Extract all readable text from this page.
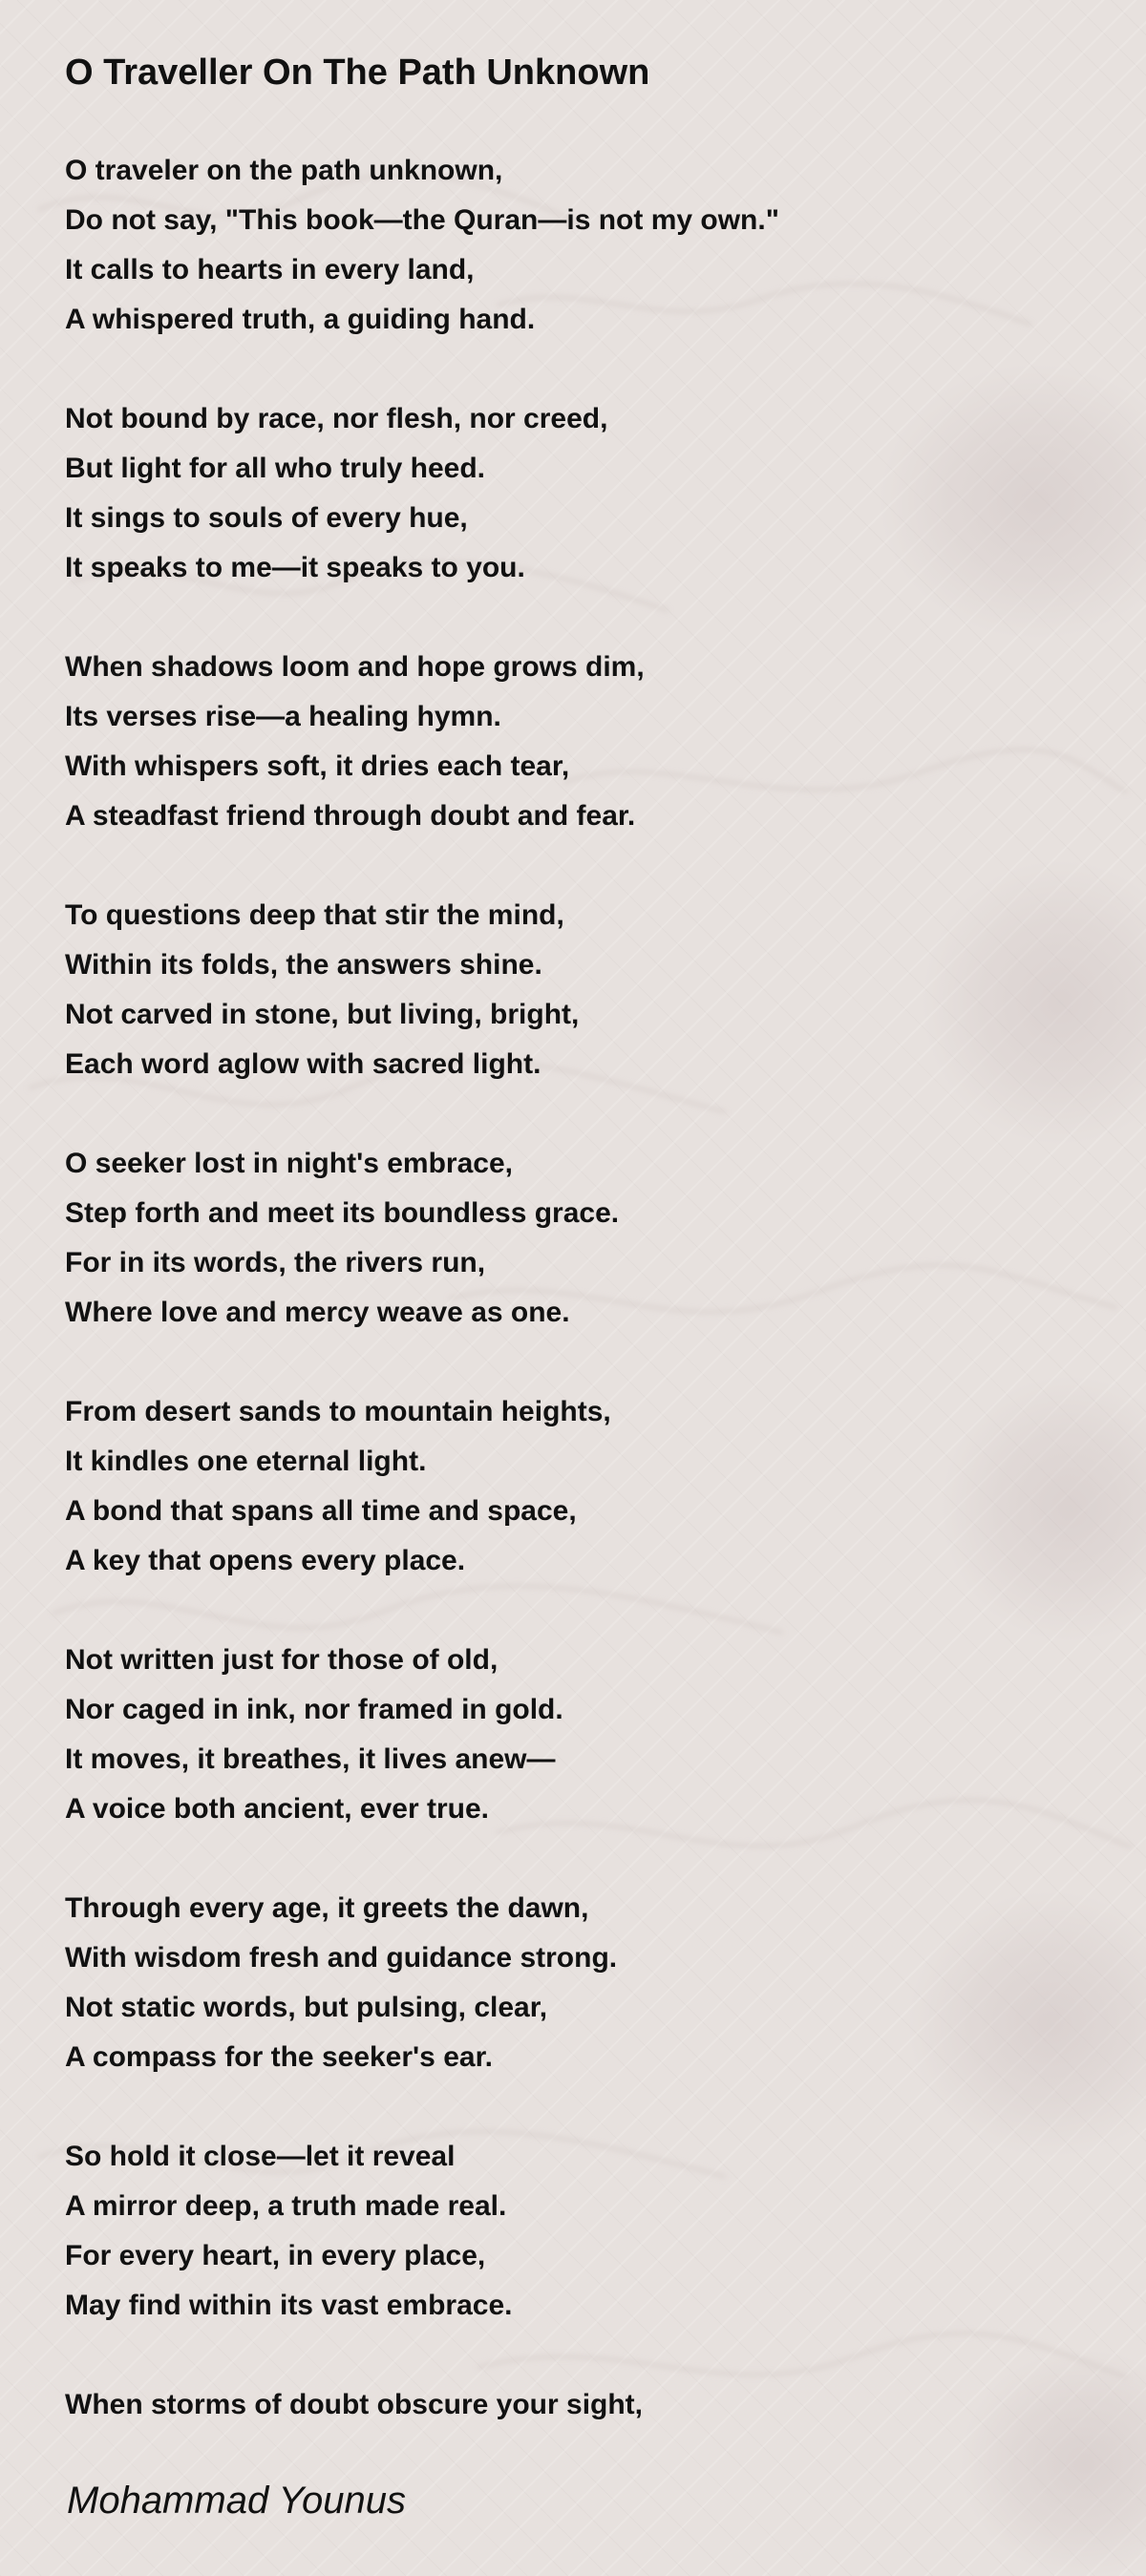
O Traveller On The Path Unknown
O traveler on the path unknown,
Do not say, "This book—the Quran—is not my own."
It calls to hearts in every land,
A whispered truth, a guiding hand.
Not bound by race, nor flesh, nor creed,
But light for all who truly heed.
It sings to souls of every hue,
It speaks to me—it speaks to you.
When shadows loom and hope grows dim,
Its verses rise—a healing hymn.
With whispers soft, it dries each tear,
A steadfast friend through doubt and fear.
To questions deep that stir the mind,
Within its folds, the answers shine.
Not carved in stone, but living, bright,
Each word aglow with sacred light.
O seeker lost in night's embrace,
Step forth and meet its boundless grace.
For in its words, the rivers run,
Where love and mercy weave as one.
From desert sands to mountain heights,
It kindles one eternal light.
A bond that spans all time and space,
A key that opens every place.
Not written just for those of old,
Nor caged in ink, nor framed in gold.
It moves, it breathes, it lives anew—
A voice both ancient, ever true.
Through every age, it greets the dawn,
With wisdom fresh and guidance strong.
Not static words, but pulsing, clear,
A compass for the seeker's ear.
So hold it close—let it reveal
A mirror deep, a truth made real.
For every heart, in every place,
May find within its vast embrace.
When storms of doubt obscure your sight,

Mohammad Younus
